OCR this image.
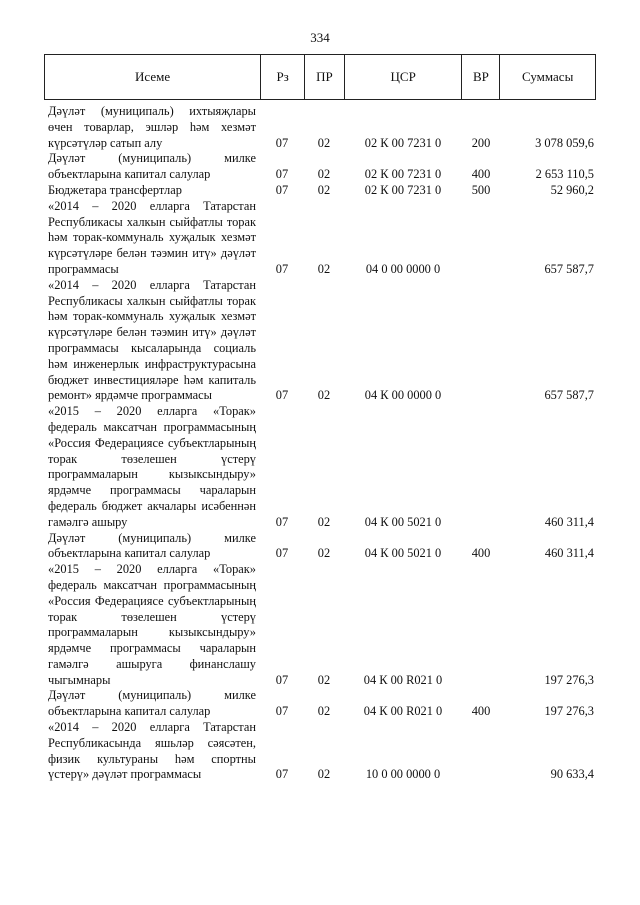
334
Исеме	Рз	ПР	ЦСР	ВР	Суммасы
Дәүләт (муниципаль) ихтыяҗлары өчен товарлар, эшләр һәм хезмәт күрсәтүләр сатып алу	07	02	02 К 00 7231 0	200	3 078 059,6
Дәүләт (муниципаль) милке объектларына капитал салулар	07	02	02 К 00 7231 0	400	2 653 110,5
Бюджетара трансфертлар	07	02	02 К 00 7231 0	500	52 960,2
«2014 – 2020 елларга Татарстан Республикасы халкын сыйфатлы торак һәм торак-коммуналь хуҗалык хезмәт күрсәтүләре белән тәэмин итү» дәүләт программасы	07	02	04 0 00 0000 0	657 587,7
«2014 – 2020 елларга Татарстан Республикасы халкын сыйфатлы торак һәм торак-коммуналь хуҗалык хезмәт күрсәтүләре белән тәэмин итү» дәүләт программасы кысаларында социаль һәм инженерлык инфраструктурасына бюджет инвестицияләре һәм капиталь ремонт» ярдәмче программасы	07	02	04 К 00 0000 0	657 587,7
«2015 – 2020 елларга «Торак» федераль максатчан программасының «Россия Федерациясе субъектларының торак төзелешен үстерү программаларын кызыксындыру» ярдәмче программасы чараларын федераль бюджет акчалары исәбеннән гамәлгә ашыру	07	02	04 К 00 5021 0	460 311,4
Дәүләт (муниципаль) милке объектларына капитал салулар	07	02	04 К 00 5021 0	400	460 311,4
«2015 – 2020 елларга «Торак» федераль максатчан программасының «Россия Федерациясе субъектларының торак төзелешен үстерү программаларын кызыксындыру» ярдәмче программасы чараларын гамәлгә ашыруга финанслашу чыгымнары	07	02	04 К 00 R021 0	197 276,3
Дәүләт (муниципаль) милке объектларына капитал салулар	07	02	04 К 00 R021 0	400	197 276,3
«2014 – 2020 елларга Татарстан Республикасында яшьләр сәясәтен, физик культураны һәм спортны үстерү» дәүләт программасы	07	02	10 0 00 0000 0	90 633,4
